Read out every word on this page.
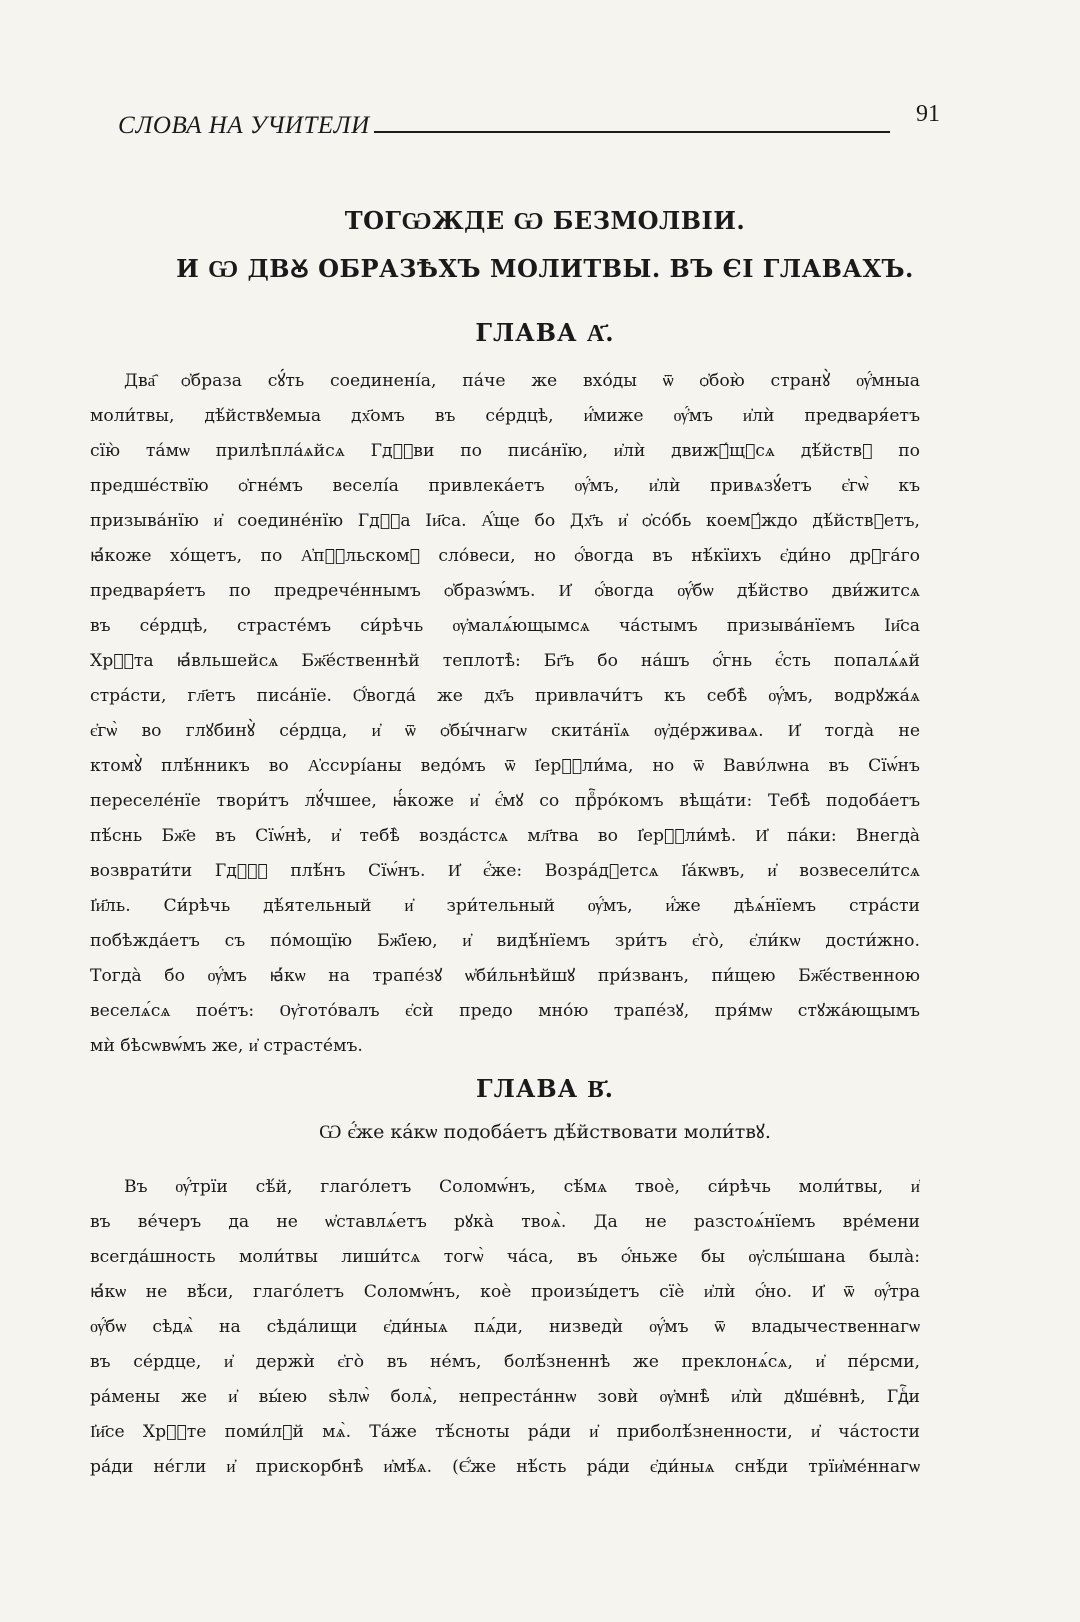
СЛОВА НА УЧИТЕЛИ	91
ТОГѠЖДЕ Ѡ БЕЗМОЛВІИ.
И Ѡ ДВꙊ ОБРАЗѢХЪ МОЛИТВЫ. ВЪ ЄІ ГЛАВАХЪ.
ГЛАВА А҃.
Два҄ ѻ҆браза сꙋ́ть соединені́а, па́че же вхо́ды ѿ ѻ҆бою̀ странꙋ̀ ѹ҆́мныа
моли́твы, дѣ́йствꙋемыа дх҃омъ въ се́рдцѣ, и҆́миже ѹ҆́мъ и҆лѝ предваря́етъ
сїю̀ та́мѡ прилѣпла́ѧйсѧ Гдⷭ҇ви по писа́нїю, и҆лѝ движꙋ́щꙋсѧ дѣ́йствꙋ по
предше́ствїю ѻ҆гне́мъ веселі́а привлека́етъ ѹ҆́мъ, и҆лѝ привѧзꙋ́етъ є҆гѡ̀ къ
призыва́нїю и҆ соедине́нїю Гдⷭ҇а Іи҃са. А҆́ще бо Дх҃ъ и҆ ѻ҆со́бь коемꙋ́ждо дѣ́йствꙋетъ,
ꙗ҆́коже хо́щетъ, по А҆пⷭ҇льскомꙋ сло́веси, но ѻ҆́вогда въ нѣ́кїихъ є҆ди́но дрꙋга́го
предваря́етъ по предрече́ннымъ ѻ҆бразѡ́мъ. И҆ ѻ҆́вогда ѹ҆́бѡ дѣ́йство дви́житсѧ
въ се́рдцѣ, страсте́мъ си́рѣчь ѹ҆малѧ́ющымсѧ ча́стымъ призыва́нїемъ Іи҃са
Хрⷭ҇та ꙗ҆́вльшейсѧ Бж҃е́ственнѣй теплотѣ̀: Бг҃ъ бо на́шъ ѻ҆́гнь є҆́сть попалѧ́ѧй
стра́сти, гл҃етъ писа́нїе. Ѻ҆́вогда́ же дх҃ъ привлачи́тъ къ себѣ̀ ѹ҆́мъ, водрꙋжа́ѧ
є҆гѡ̀ во глꙋбинꙋ̀ се́рдца, и҆ ѿ ѻ҆бы́чнагѡ скита́нїѧ ѹ҆де́рживаѧ. И҆ тогда̀ не
ктомꙋ̀ плѣ́нникъ во А҆ссνрі́аны ведо́мъ ѿ І҆ерⷭ҇ли́ма, но ѿ Вавν́лѡна въ Сїѡ́нъ
переселе́нїе твори́тъ лꙋ́чшее, ꙗ҆́коже и҆ є҆́мꙋ со прⷪ҇ро́комъ вѣща́ти: Тебѣ̀ подоба́етъ
пѣ́снь Бж҃е въ Сїѡ́нѣ, и҆ тебѣ̀ возда́стсѧ мл҃тва во І҆ерⷭ҇ли́мѣ. И҆ па́ки: Внегда̀
возврати́ти Гдⷭ҇ꙋ плѣ́нъ Сїѡ́нъ. И҆ є҆́же: Возра́дꙋетсѧ І҆а́кѡвъ, и҆ возвесели́тсѧ
І҆и҃ль. Си́рѣчь дѣ́ятельный и҆ зри́тельный ѹ҆́мъ, и҆́же дѣѧ́нїемъ стра́сти
побѣжда́етъ съ по́мощїю Бж҃їею, и҆ видѣ́нїемъ зри́тъ є҆го̀, є҆ли́кѡ дости́жно.
Тогда̀ бо ѹ҆́мъ ꙗ҆́кѡ на трапе́зꙋ ѡ҆би́льнѣйшꙋ при́званъ, пи́щею Бж҃е́ственною
веселѧ́сѧ пое́тъ: Ѹ҆гото́валъ є҆сѝ предо мно́ю трапе́зꙋ, пря́мѡ стꙋжа́ющымъ
мѝ бѣсѡвѡ́мъ же, и҆ страсте́мъ.
ГЛАВА В҃.
Ѡ є҆́же ка́кѡ подоба́етъ дѣ́йствовати моли́твꙋ.
Въ ѹ҆́трїи сѣ́й, глаго́летъ Соломѡ́нъ, сѣ́мѧ твоѐ, си́рѣчь моли́твы, и҆
въ ве́черъ да не ѡ҆ставлѧ́етъ рꙋка̀ твоѧ̀. Да не разстоѧ́нїемъ вре́мени
всегда́шность моли́твы лиши́тсѧ тогѡ̀ ча́са, въ ѻ҆́ньже бы ѹ҆слы́шана была̀:
ꙗ҆́кѡ не вѣ́си, глаго́летъ Соломѡ́нъ, коѐ произы́детъ сїѐ и҆лѝ ѻ҆́но. И҆ ѿ ѹ҆́тра
ѹ҆́бѡ сѣдѧ̀ на сѣда́лищи є҆ди́ныѧ пѧ́ди, низведѝ ѹ҆́мъ ѿ владычественнагѡ
въ се́рдце, и҆ держѝ є҆го̀ въ не́мъ, болѣ́зненнѣ же преклонѧ́сѧ, и҆ пе́рсми,
ра́мены же и҆ вы́ею ѕѣлѡ̀ болѧ̀, непреста́ннѡ зовѝ ѹ҆мнѣ̀ и҆лѝ дꙋше́внѣ, Гдⷭ҇и
І҆и҃се Хрⷭ҇те поми́лꙋй мѧ̀. Та́же тѣ́сноты ра́ди и҆ приболѣ́зненности, и҆ ча́стости
ра́ди не́гли и҆ прискорбнѣ̀ и҆мѣ́ѧ. (Є҆́же нѣ́сть ра́ди є҆ди́ныѧ снѣ́ди трїи҆ме́ннагѡ
